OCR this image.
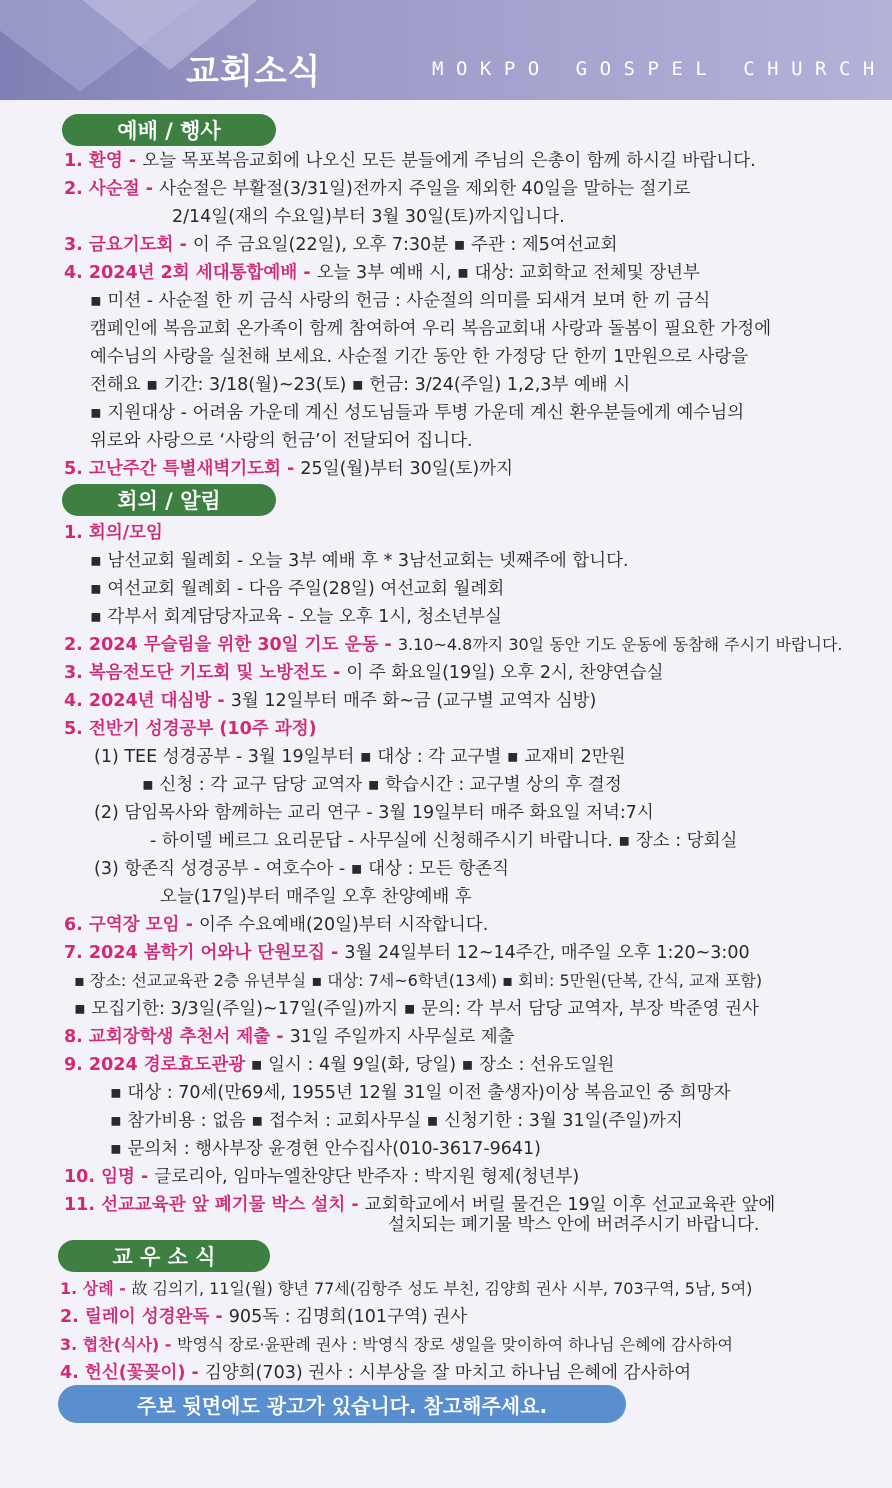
교회소식	MOKPO GOSPEL CHURCH
예배 / 행사
회의 / 알림
교 우 소 식
1. 환영 - 오늘 목포복음교회에 나오신 모든 분들에게 주님의 은총이 함께 하시길 바랍니다.
2. 사순절 - 사순절은 부활절(3/31일)전까지 주일을 제외한 40일을 말하는 절기로
2/14일(재의 수요일)부터 3월 30일(토)까지입니다.
3. 금요기도회 - 이 주 금요일(22일), 오후 7:30분 ▪ 주관 : 제5여선교회
4. 2024년 2회 세대통합예배 - 오늘 3부 예배 시, ▪ 대상: 교회학교 전체및 장년부
▪ 미션 - 사순절 한 끼 금식 사랑의 헌금 : 사순절의 의미를 되새겨 보며 한 끼 금식
캠페인에 복음교회 온가족이 함께 참여하여 우리 복음교회내 사랑과 돌봄이 필요한 가정에
예수님의 사랑을 실천해 보세요. 사순절 기간 동안 한 가정당 단 한끼 1만원으로 사랑을
전해요 ▪ 기간: 3/18(월)~23(토) ▪ 헌금: 3/24(주일) 1,2,3부 예배 시
▪ 지원대상 - 어려움 가운데 계신 성도님들과 투병 가운데 계신 환우분들에게 예수님의
위로와 사랑으로 ‘사랑의 헌금’이 전달되어 집니다.
5. 고난주간 특별새벽기도회 - 25일(월)부터 30일(토)까지
1. 회의/모임
▪ 남선교회 월례회 - 오늘 3부 예배 후 * 3남선교회는 넷째주에 합니다.
▪ 여선교회 월례회 - 다음 주일(28일) 여선교회 월례회
▪ 각부서 회계담당자교육 - 오늘 오후 1시, 청소년부실
2. 2024 무슬림을 위한 30일 기도 운동 - 3.10~4.8까지 30일 동안 기도 운동에 동참해 주시기 바랍니다.
3. 복음전도단 기도회 및 노방전도 - 이 주 화요일(19일) 오후 2시, 찬양연습실
4. 2024년 대심방 - 3월 12일부터 매주 화~금 (교구별 교역자 심방)
5. 전반기 성경공부 (10주 과정)
(1) TEE 성경공부 - 3월 19일부터 ▪ 대상 : 각 교구별 ▪ 교재비 2만원
▪ 신청 : 각 교구 담당 교역자 ▪ 학습시간 : 교구별 상의 후 결정
(2) 담임목사와 함께하는 교리 연구 - 3월 19일부터 매주 화요일 저녁:7시
- 하이델 베르그 요리문답 - 사무실에 신청해주시기 바랍니다. ▪ 장소 : 당회실
(3) 항존직 성경공부 - 여호수아 - ▪ 대상 : 모든 항존직
오늘(17일)부터 매주일 오후 찬양예배 후
6. 구역장 모임 - 이주 수요예배(20일)부터 시작합니다.
7. 2024 봄학기 어와나 단원모집 - 3월 24일부터 12~14주간, 매주일 오후 1:20~3:00
▪ 장소: 선교교육관 2층 유년부실 ▪ 대상: 7세~6학년(13세) ▪ 회비: 5만원(단복, 간식, 교재 포함)
▪ 모집기한: 3/3일(주일)~17일(주일)까지 ▪ 문의: 각 부서 담당 교역자, 부장 박준영 권사
8. 교회장학생 추천서 제출 - 31일 주일까지 사무실로 제출
9. 2024 경로효도관광 ▪ 일시 : 4월 9일(화, 당일) ▪ 장소 : 선유도일원
▪ 대상 : 70세(만69세, 1955년 12월 31일 이전 출생자)이상 복음교인 중 희망자
▪ 참가비용 : 없음 ▪ 접수처 : 교회사무실 ▪ 신청기한 : 3월 31일(주일)까지
▪ 문의처 : 행사부장 윤경현 안수집사(010-3617-9641)
10. 임명 - 글로리아, 임마누엘찬양단 반주자 : 박지원 형제(청년부)
11. 선교교육관 앞 폐기물 박스 설치 - 교회학교에서 버릴 물건은 19일 이후 선교교육관 앞에
설치되는 폐기물 박스 안에 버려주시기 바랍니다.
1. 상례 - 故 김의기, 11일(월) 향년 77세(김항주 성도 부친, 김양희 권사 시부, 703구역, 5남, 5여)
2. 릴레이 성경완독 - 905독 : 김명희(101구역) 권사
3. 협찬(식사) - 박영식 장로·윤판례 권사 : 박영식 장로 생일을 맞이하여 하나님 은혜에 감사하여
4. 헌신(꽃꽂이) - 김양희(703) 권사 : 시부상을 잘 마치고 하나님 은혜에 감사하여
주보 뒷면에도 광고가 있습니다. 참고해주세요.
